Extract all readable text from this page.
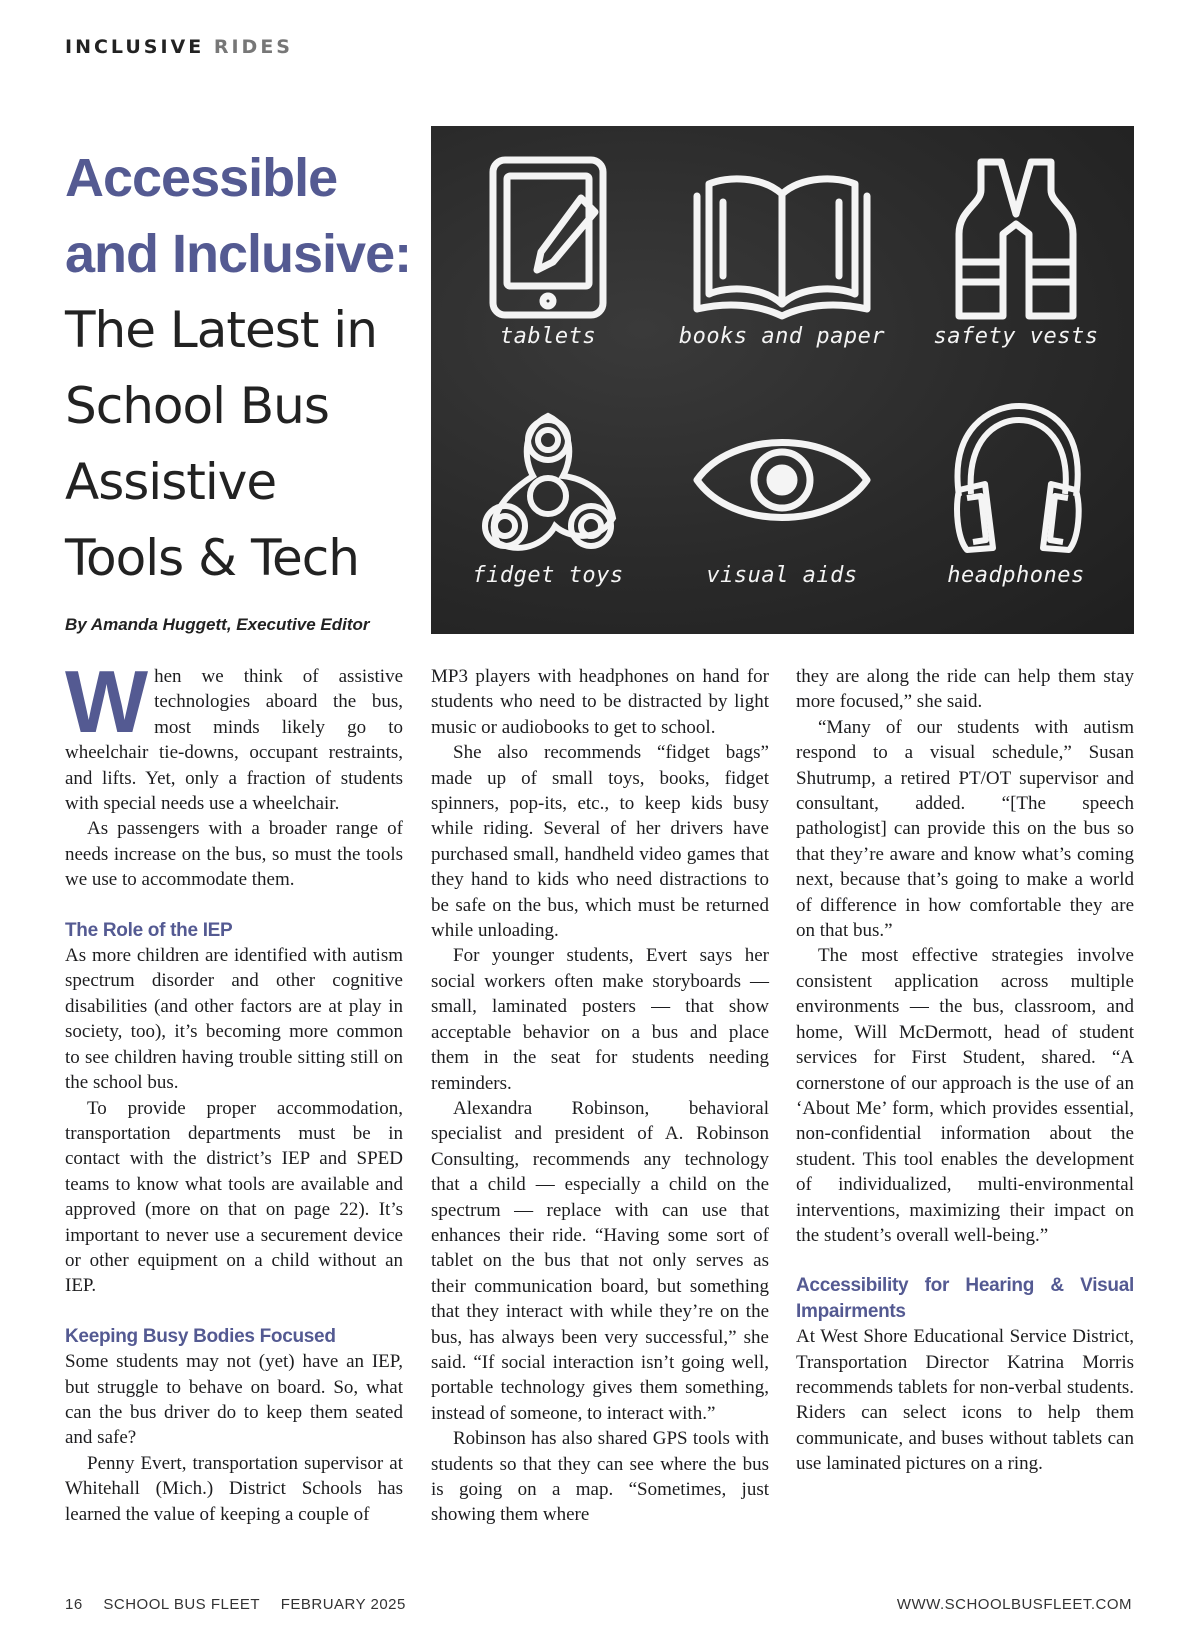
INCLUSIVE RIDES
Accessible
and Inclusive:
The Latest in
School Bus
Assistive
Tools & Tech
By Amanda Huggett, Executive Editor
tablets	books and paper	safety vests
fidget toys	visual aids	headphones

When we think of assistive technologies aboard the bus, most minds likely go to wheelchair tie-downs, occupant restraints, and lifts. Yet, only a fraction of students with special needs use a wheelchair.

As passengers with a broader range of needs increase on the bus, so must the tools we use to accommodate them.

The Role of the IEP

As more children are identified with autism spectrum disorder and other cognitive disabilities (and other factors are at play in society, too), it’s becoming more common to see children having trouble sitting still on the school bus.

To provide proper accommodation, transportation departments must be in contact with the district’s IEP and SPED teams to know what tools are available and approved (more on that on page 22). It’s important to never use a securement device or other equipment on a child without an IEP.

Keeping Busy Bodies Focused

Some students may not (yet) have an IEP, but struggle to behave on board. So, what can the bus driver do to keep them seated and safe?

Penny Evert, transportation supervisor at Whitehall (Mich.) District Schools has learned the value of keeping a couple of

MP3 players with headphones on hand for students who need to be distracted by light music or audiobooks to get to school.

She also recommends “fidget bags” made up of small toys, books, fidget spinners, pop-its, etc., to keep kids busy while riding. Several of her drivers have purchased small, handheld video games that they hand to kids who need distractions to be safe on the bus, which must be returned while unloading.

For younger students, Evert says her social workers often make storyboards — small, laminated posters — that show acceptable behavior on a bus and place them in the seat for students needing reminders.

Alexandra Robinson, behavioral specialist and president of A. Robinson Consulting, recommends any technology that a child — especially a child on the spectrum — replace with can use that enhances their ride. “Having some sort of tablet on the bus that not only serves as their communication board, but something that they interact with while they’re on the bus, has always been very successful,” she said. “If social interaction isn’t going well, portable technology gives them something, instead of someone, to interact with.”

Robinson has also shared GPS tools with students so that they can see where the bus is going on a map. “Sometimes, just showing them where

they are along the ride can help them stay more focused,” she said.

“Many of our students with autism respond to a visual schedule,” Susan Shutrump, a retired PT/OT supervisor and consultant, added. “[The speech pathologist] can provide this on the bus so that they’re aware and know what’s coming next, because that’s going to make a world of difference in how comfortable they are on that bus.”

The most effective strategies involve consistent application across multiple environments — the bus, classroom, and home, Will McDermott, head of student services for First Student, shared. “A cornerstone of our approach is the use of an ‘About Me’ form, which provides essential, non-confidential information about the student. This tool enables the development of individualized, multi-environmental interventions, maximizing their impact on the student’s overall well-being.”

Accessibility for Hearing & Visual Impairments

At West Shore Educational Service District, Transportation Director Katrina Morris recommends tablets for non-verbal students. Riders can select icons to help them communicate, and buses without tablets can use laminated pictures on a ring.

16 SCHOOL BUS FLEET FEBRUARY 2025	WWW.SCHOOLBUSFLEET.COM
